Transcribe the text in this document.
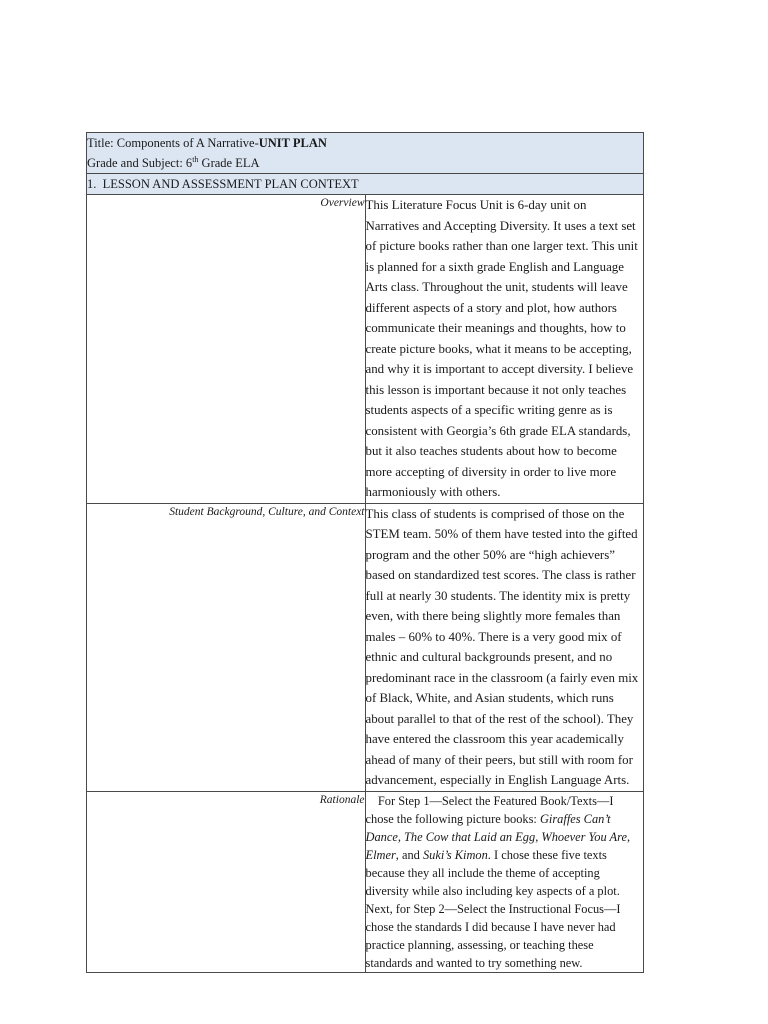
Title: Components of A Narrative-UNIT PLAN
Grade and Subject: 6th Grade ELA	

1. LESSON AND ASSESSMENT PLAN CONTEXT	
Overview	This Literature Focus Unit is 6-day unit on Narratives and Accepting Diversity. It uses a text set of picture books rather than one larger text. This unit is planned for a sixth grade English and Language Arts class. Throughout the unit, students will leave different aspects of a story and plot, how authors communicate their meanings and thoughts, how to create picture books, what it means to be accepting, and why it is important to accept diversity. I believe this lesson is important because it not only teaches students aspects of a specific writing genre as is consistent with Georgia’s 6th grade ELA standards, but it also teaches students about how to become more accepting of diversity in order to live more harmoniously with others.
Student Background, Culture, and Context	This class of students is comprised of those on the STEM team. 50% of them have tested into the gifted program and the other 50% are “high achievers” based on standardized test scores. The class is rather full at nearly 30 students. The identity mix is pretty even, with there being slightly more females than males – 60% to 40%. There is a very good mix of ethnic and cultural backgrounds present, and no predominant race in the classroom (a fairly even mix of Black, White, and Asian students, which runs about parallel to that of the rest of the school). They have entered the classroom this year academically ahead of many of their peers, but still with room for advancement, especially in English Language Arts.
Rationale	For Step 1—Select the Featured Book/Texts—I chose the following picture books: Giraffes Can’t Dance, The Cow that Laid an Egg, Whoever You Are, Elmer, and Suki’s Kimon. I chose these five texts because they all include the theme of accepting diversity while also including key aspects of a plot. Next, for Step 2—Select the Instructional Focus—I chose the standards I did because I have never had practice planning, assessing, or teaching these standards and wanted to try something new.
